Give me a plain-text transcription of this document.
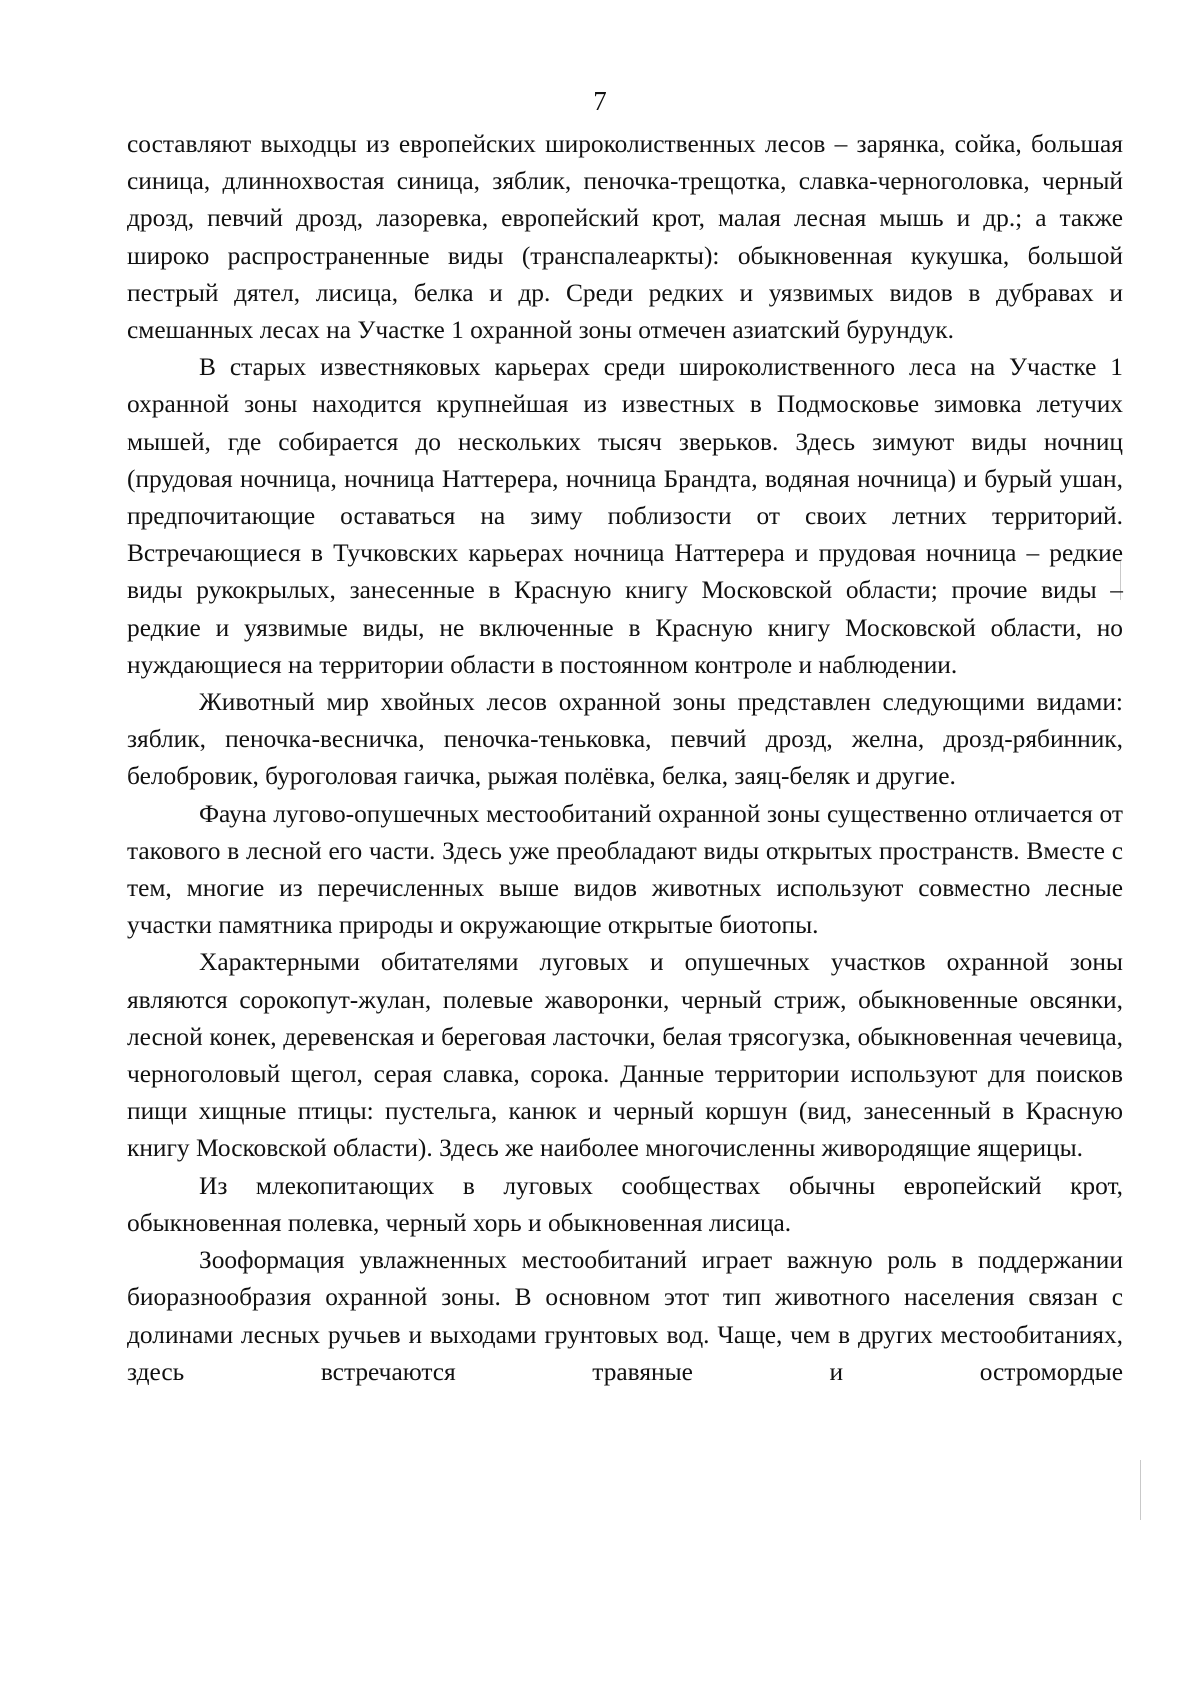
7

составляют выходцы из европейских широколиственных лесов – зарянка, сойка, большая синица, длиннохвостая синица, зяблик, пеночка-трещотка, славка-черноголовка, черный дрозд, певчий дрозд, лазоревка, европейский крот, малая лесная мышь и др.; а также широко распространенные виды (транспалеаркты): обыкновенная кукушка, большой пестрый дятел, лисица, белка и др. Среди редких и уязвимых видов в дубравах и смешанных лесах на Участке 1 охранной зоны отмечен азиатский бурундук.

В старых известняковых карьерах среди широколиственного леса на Участке 1 охранной зоны находится крупнейшая из известных в Подмосковье зимовка летучих мышей, где собирается до нескольких тысяч зверьков. Здесь зимуют виды ночниц (прудовая ночница, ночница Наттерера, ночница Брандта, водяная ночница) и бурый ушан, предпочитающие оставаться на зиму поблизости от своих летних территорий. Встречающиеся в Тучковских карьерах ночница Наттерера и прудовая ночница – редкие виды рукокрылых, занесенные в Красную книгу Московской области; прочие виды – редкие и уязвимые виды, не включенные в Красную книгу Московской области, но нуждающиеся на территории области в постоянном контроле и наблюдении.

Животный мир хвойных лесов охранной зоны представлен следующими видами: зяблик, пеночка-весничка, пеночка-теньковка, певчий дрозд, желна, дрозд-рябинник, белобровик, буроголовая гаичка, рыжая полёвка, белка, заяц-беляк и другие.

Фауна лугово-опушечных местообитаний охранной зоны существенно отличается от такового в лесной его части. Здесь уже преобладают виды открытых пространств. Вместе с тем, многие из перечисленных выше видов животных используют совместно лесные участки памятника природы и окружающие открытые биотопы.

Характерными обитателями луговых и опушечных участков охранной зоны являются сорокопут-жулан, полевые жаворонки, черный стриж, обыкновенные овсянки, лесной конек, деревенская и береговая ласточки, белая трясогузка, обыкновенная чечевица, черноголовый щегол, серая славка, сорока. Данные территории используют для поисков пищи хищные птицы: пустельга, канюк и черный коршун (вид, занесенный в Красную книгу Московской области). Здесь же наиболее многочисленны живородящие ящерицы.

Из млекопитающих в луговых сообществах обычны европейский крот, обыкновенная полевка, черный хорь и обыкновенная лисица.

Зооформация увлажненных местообитаний играет важную роль в поддержании биоразнообразия охранной зоны. В основном этот тип животного населения связан с долинами лесных ручьев и выходами грунтовых вод. Чаще, чем в других местообитаниях, здесь встречаются травяные и остромордые
